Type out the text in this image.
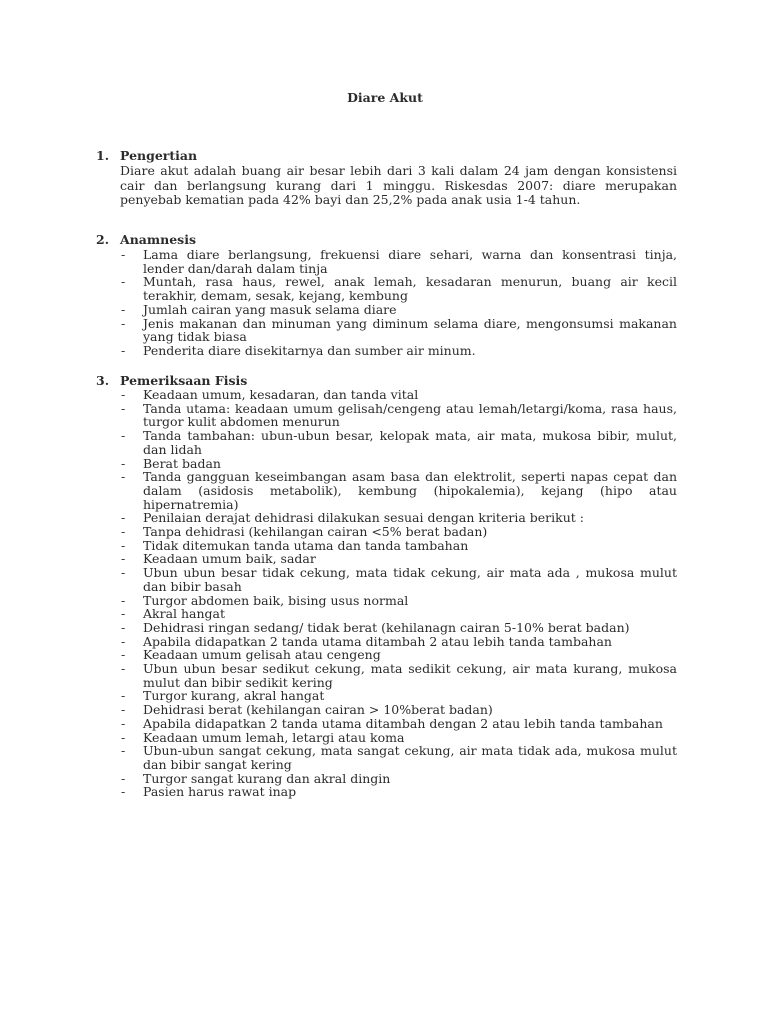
Diare Akut
1. Pengertian
Diare akut adalah buang air besar lebih dari 3 kali dalam 24 jam dengan konsistensi cair dan berlangsung kurang dari 1 minggu. Riskesdas 2007: diare merupakan penyebab kematian pada 42% bayi dan 25,2% pada anak usia 1-4 tahun.
2. Anamnesis
- Lama diare berlangsung, frekuensi diare sehari, warna dan konsentrasi tinja, lender dan/darah dalam tinja
- Muntah, rasa haus, rewel, anak lemah, kesadaran menurun, buang air kecil terakhir, demam, sesak, kejang, kembung
- Jumlah cairan yang masuk selama diare
- Jenis makanan dan minuman yang diminum selama diare, mengonsumsi makanan yang tidak biasa
- Penderita diare disekitarnya dan sumber air minum.
3. Pemeriksaan Fisis
- Keadaan umum, kesadaran, dan tanda vital
- Tanda utama: keadaan umum gelisah/cengeng atau lemah/letargi/koma, rasa haus, turgor kulit abdomen menurun
- Tanda tambahan: ubun-ubun besar, kelopak mata, air mata, mukosa bibir, mulut, dan lidah
- Berat badan
- Tanda gangguan keseimbangan asam basa dan elektrolit, seperti napas cepat dan dalam (asidosis metabolik), kembung (hipokalemia), kejang (hipo atau hipernatremia)
- Penilaian derajat dehidrasi dilakukan sesuai dengan kriteria berikut :
- Tanpa dehidrasi (kehilangan cairan <5% berat badan)
- Tidak ditemukan tanda utama dan tanda tambahan
- Keadaan umum baik, sadar
- Ubun ubun besar tidak cekung, mata tidak cekung, air mata ada , mukosa mulut dan bibir basah
- Turgor abdomen baik, bising usus normal
- Akral hangat
- Dehidrasi ringan sedang/ tidak berat (kehilanagn cairan 5-10% berat badan)
- Apabila didapatkan 2 tanda utama ditambah 2 atau lebih tanda tambahan
- Keadaan umum gelisah atau cengeng
- Ubun ubun besar sedikut cekung, mata sedikit cekung, air mata kurang, mukosa mulut dan bibir sedikit kering
- Turgor kurang, akral hangat
- Dehidrasi berat (kehilangan cairan > 10%berat badan)
- Apabila didapatkan 2 tanda utama ditambah dengan 2 atau lebih tanda tambahan
- Keadaan umum lemah, letargi atau koma
- Ubun-ubun sangat cekung, mata sangat cekung, air mata tidak ada, mukosa mulut dan bibir sangat kering
- Turgor sangat kurang dan akral dingin
- Pasien harus rawat inap
